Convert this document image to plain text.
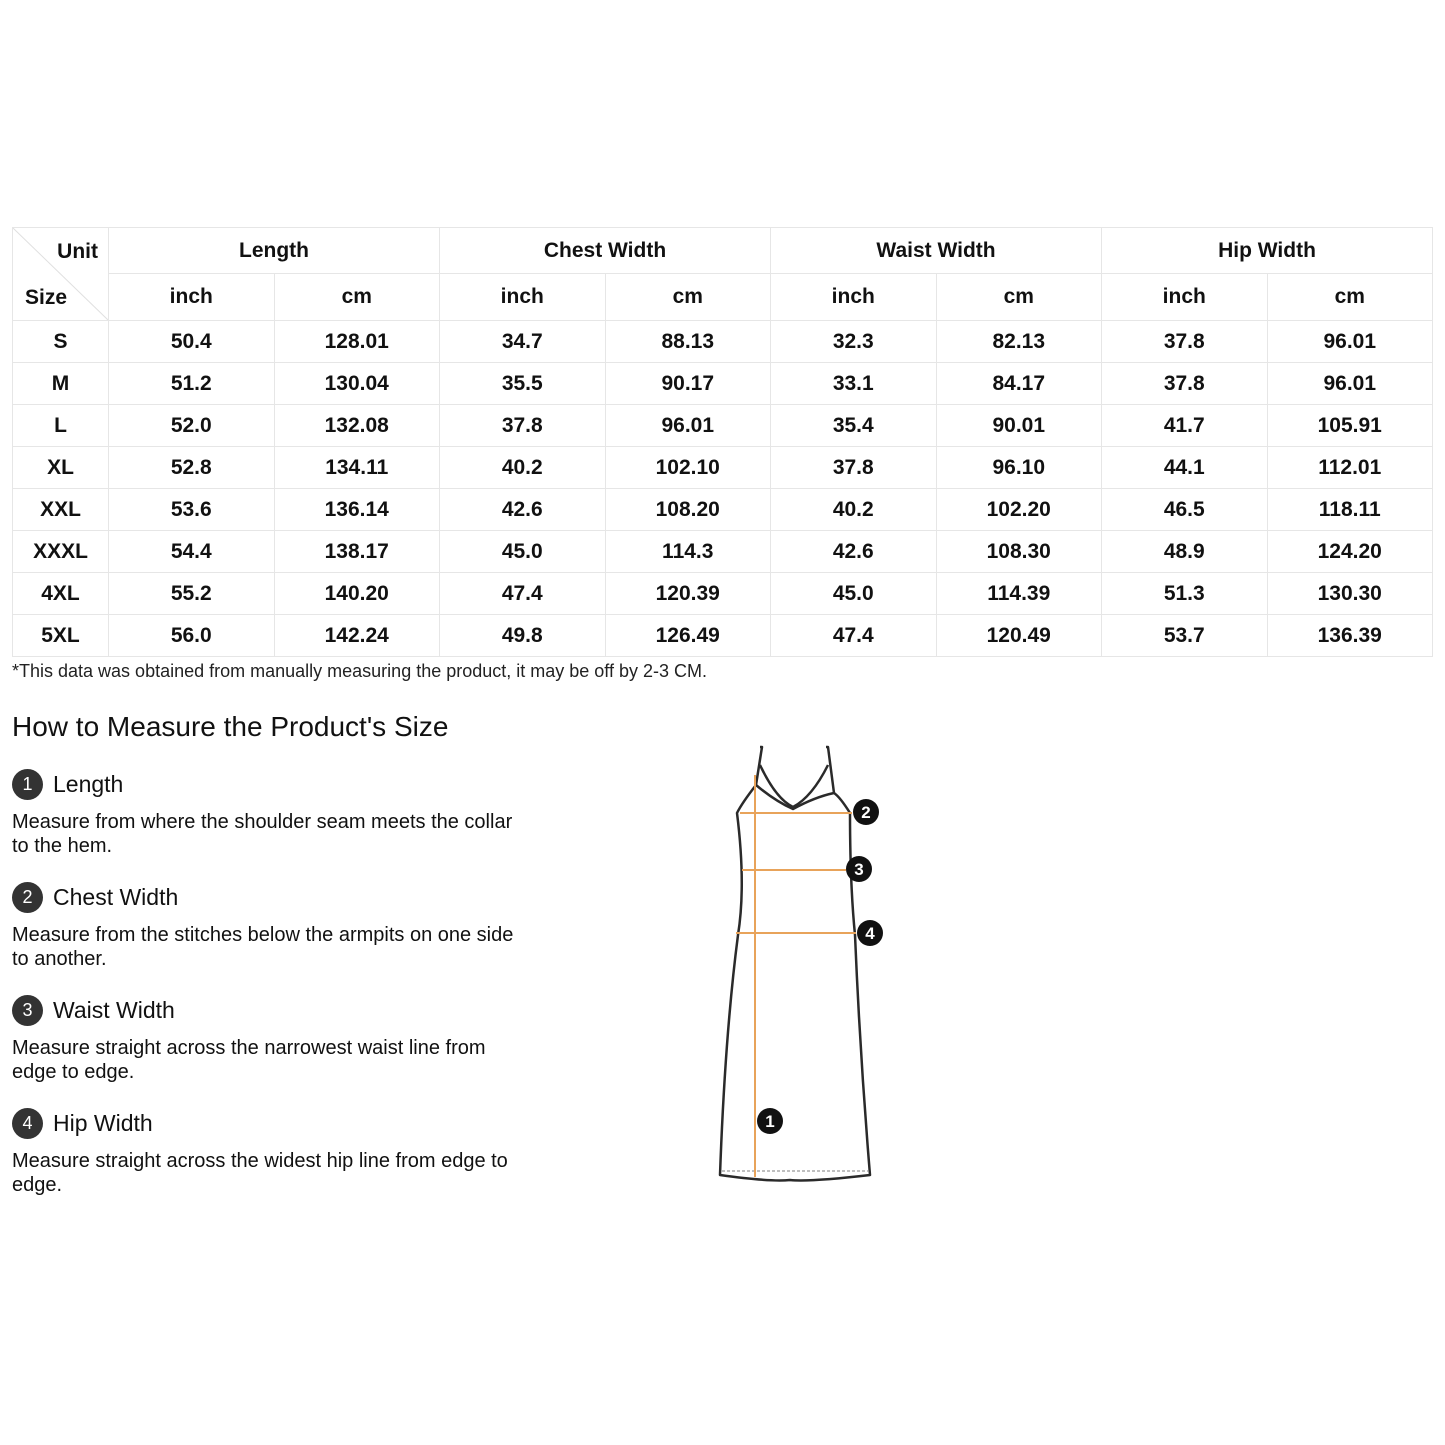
Unit
Size	Length		Chest Width		Waist Width		Hip Width	
	inch	cm	inch	cm	inch	cm	inch	cm
S	50.4	128.01	34.7	88.13	32.3	82.13	37.8	96.01
M	51.2	130.04	35.5	90.17	33.1	84.17	37.8	96.01
L	52.0	132.08	37.8	96.01	35.4	90.01	41.7	105.91
XL	52.8	134.11	40.2	102.10	37.8	96.10	44.1	112.01
XXL	53.6	136.14	42.6	108.20	40.2	102.20	46.5	118.11
XXXL	54.4	138.17	45.0	114.3	42.6	108.30	48.9	124.20
4XL	55.2	140.20	47.4	120.39	45.0	114.39	51.3	130.30
5XL	56.0	142.24	49.8	126.49	47.4	120.49	53.7	136.39
*This data was obtained from manually measuring the product, it may be off by 2-3 CM.
How to Measure the Product's Size
1 Length
Measure from where the shoulder seam meets the collar to the hem.
2 Chest Width
Measure from the stitches below the armpits on one side to another.
3 Waist Width
Measure straight across the narrowest waist line from edge to edge.
4 Hip Width
Measure straight across the widest hip line from edge to edge.
1
2
3
4
